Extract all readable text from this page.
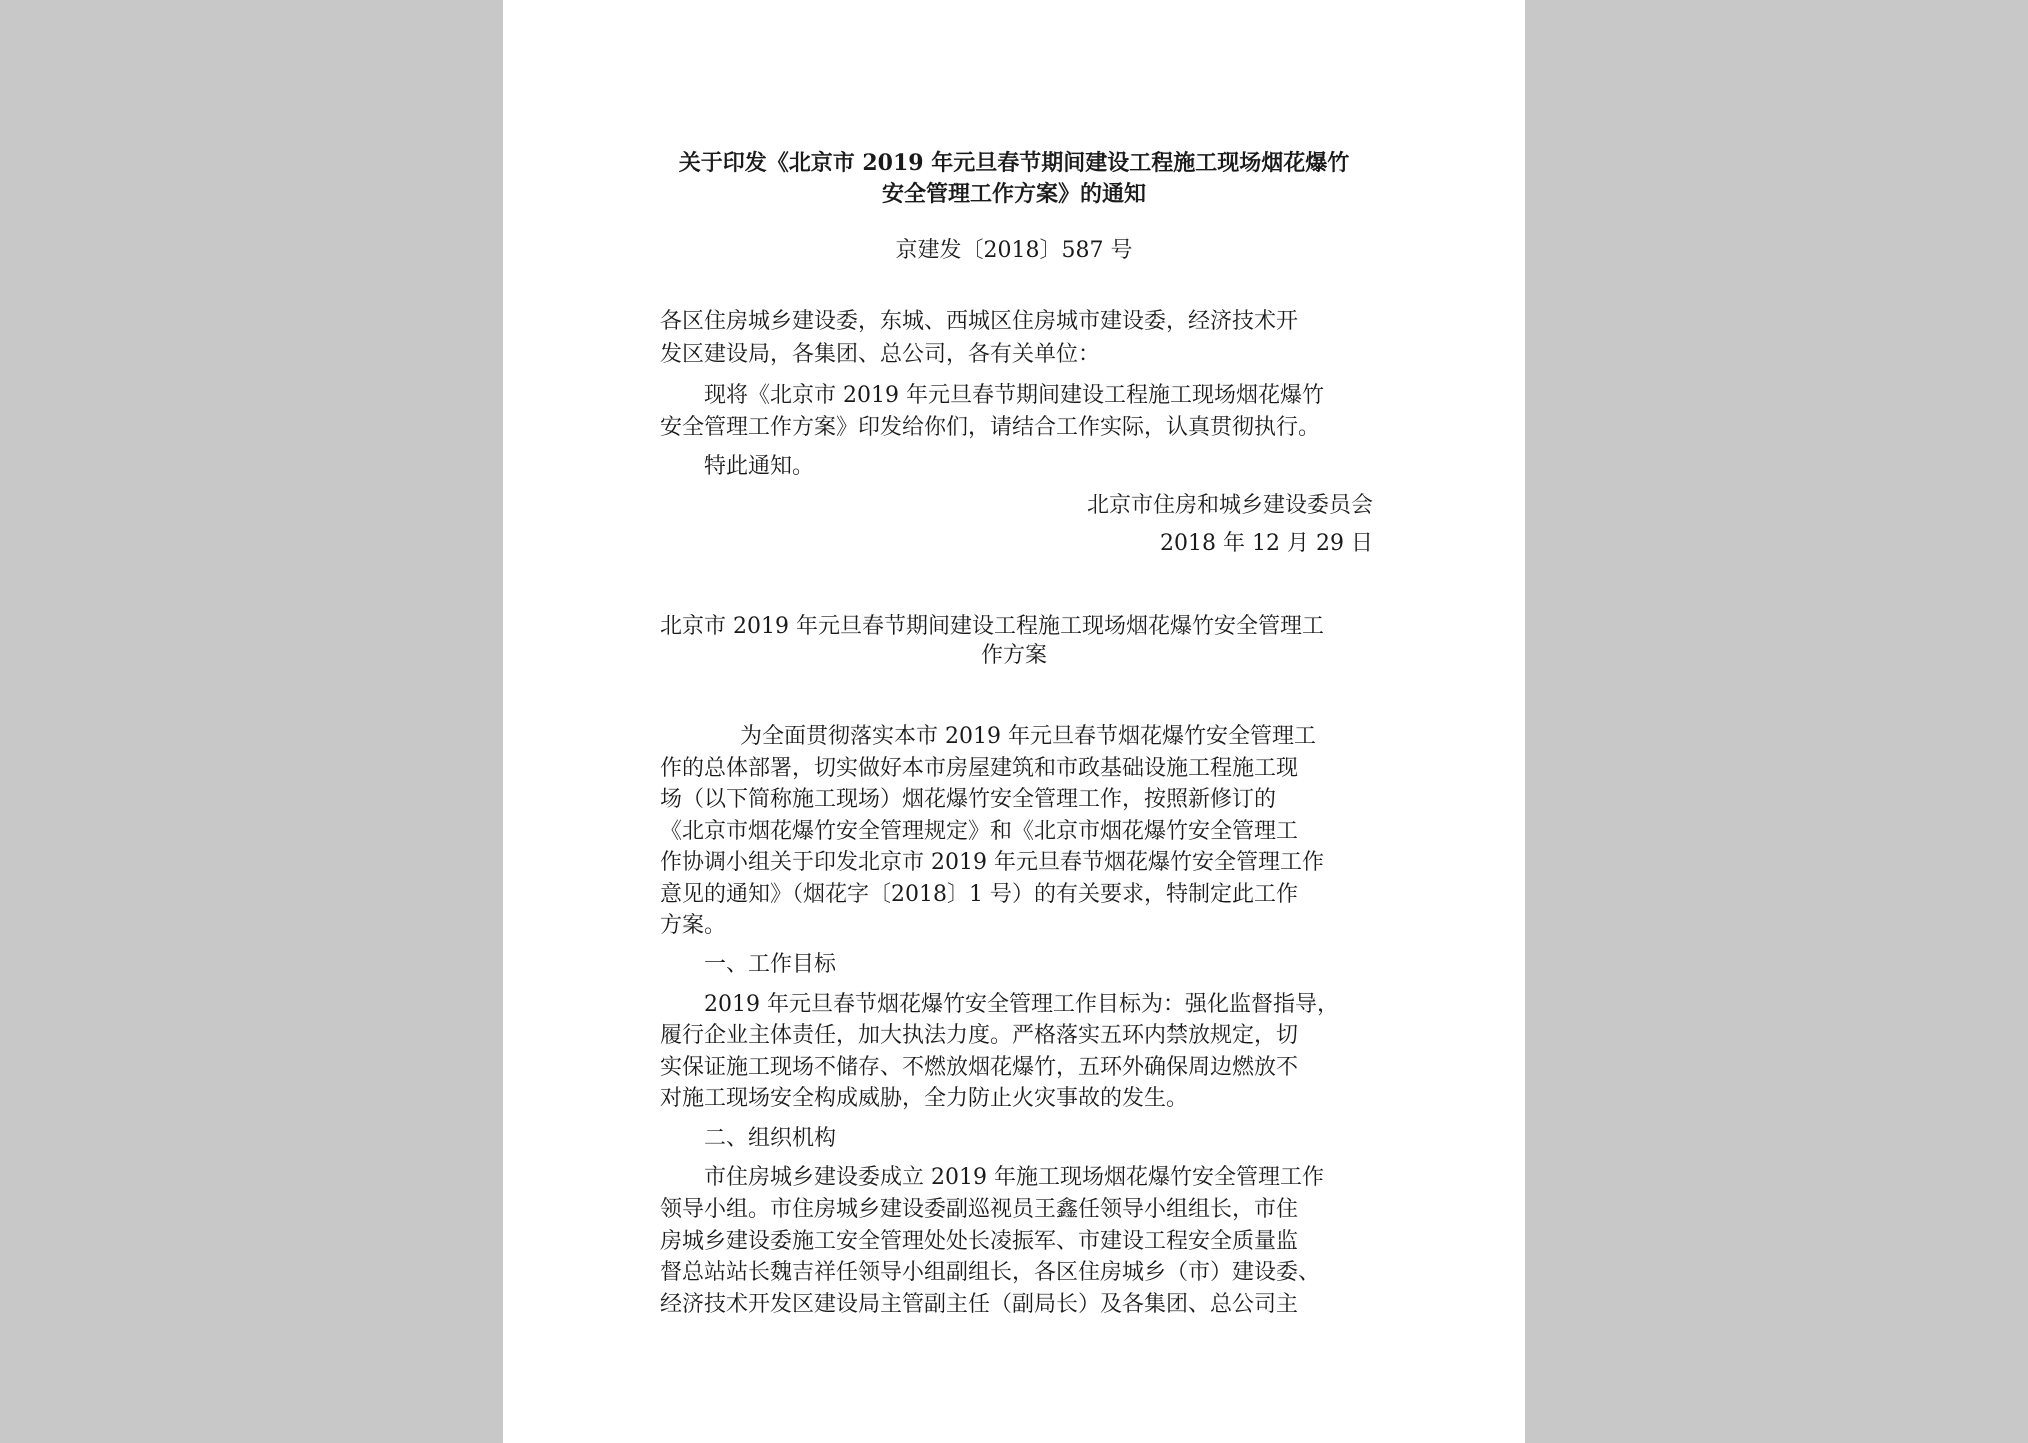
关于印发《北京市 2019 年元旦春节期间建设工程施工现场烟花爆竹
安全管理工作方案》的通知
京建发〔2018〕587 号
各区住房城乡建设委，东城、西城区住房城市建设委，经济技术开
发区建设局，各集团、总公司，各有关单位：
现将《北京市 2019 年元旦春节期间建设工程施工现场烟花爆竹
安全管理工作方案》印发给你们，请结合工作实际，认真贯彻执行。
特此通知。
北京市住房和城乡建设委员会
2018 年 12 月 29 日
北京市 2019 年元旦春节期间建设工程施工现场烟花爆竹安全管理工
作方案
为全面贯彻落实本市 2019 年元旦春节烟花爆竹安全管理工
作的总体部署，切实做好本市房屋建筑和市政基础设施工程施工现
场（以下简称施工现场）烟花爆竹安全管理工作，按照新修订的
《北京市烟花爆竹安全管理规定》和《北京市烟花爆竹安全管理工
作协调小组关于印发北京市 2019 年元旦春节烟花爆竹安全管理工作
意见的通知》（烟花字〔2018〕1 号）的有关要求，特制定此工作
方案。
一、工作目标
2019 年元旦春节烟花爆竹安全管理工作目标为：强化监督指导，
履行企业主体责任，加大执法力度。严格落实五环内禁放规定，切
实保证施工现场不储存、不燃放烟花爆竹，五环外确保周边燃放不
对施工现场安全构成威胁，全力防止火灾事故的发生。
二、组织机构
市住房城乡建设委成立 2019 年施工现场烟花爆竹安全管理工作
领导小组。市住房城乡建设委副巡视员王鑫任领导小组组长，市住
房城乡建设委施工安全管理处处长凌振军、市建设工程安全质量监
督总站站长魏吉祥任领导小组副组长，各区住房城乡（市）建设委、
经济技术开发区建设局主管副主任（副局长）及各集团、总公司主
